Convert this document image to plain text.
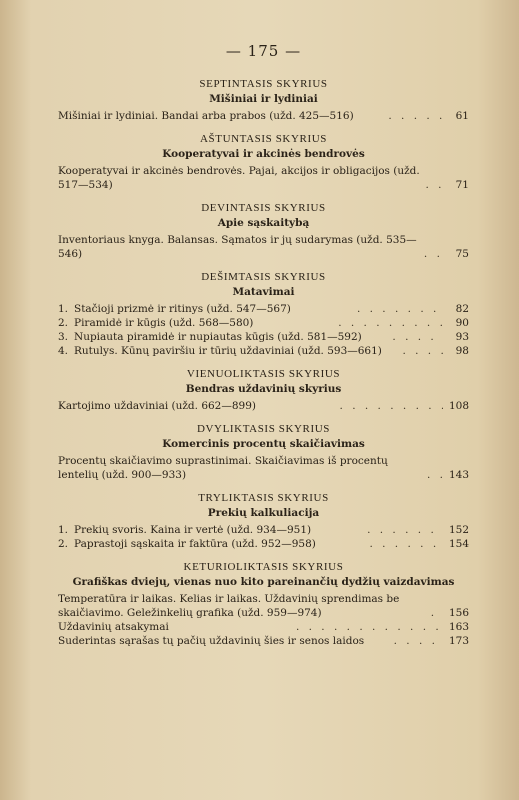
— 175 —
SEPTINTASIS SKYRIUS
Mišiniai ir lydiniai
Mišiniai ir lydiniai. Bandai arba prabos (užd. 425—516) . . .	61
AŠTUNTASIS SKYRIUS
Kooperatyvai ir akcinės bendrovės
Kooperatyvai ir akcinės bendrovės. Pajai, akcijos ir obligacijos (užd. 517—534) . . .	71
DEVINTASIS SKYRIUS
Apie sąskaitybą
Inventoriaus knyga. Balansas. Sąmatos ir jų sudarymas (užd. 535—546) . . .	75
DEŠIMTASIS SKYRIUS
Matavimai
1. Stačioji prizmė ir ritinys (užd. 547—567) . . .	82
2. Piramidė ir kūgis (užd. 568—580) . . .	90
3. Nupiauta piramidė ir nupiautas kūgis (užd. 581—592) . . .	93
4. Rutulys. Kūnų paviršiu ir tūrių uždaviniai (užd. 593—661) . . .	98
VIENUOLIKTASIS SKYRIUS
Bendras uždavinių skyrius
Kartojimo uždaviniai (užd. 662—899) . . .	108
DVYLIKTASIS SKYRIUS
Komercinis procentų skaičiavimas
Procentų skaičiavimo suprastinimai. Skaičiavimas iš procentų lentelių (užd. 900—933) . . .	143
TRYLIKTASIS SKYRIUS
Prekių kalkuliacija
1. Prekių svoris. Kaina ir vertė (užd. 934—951) . . .	152
2. Paprastoji sąskaita ir faktūra (užd. 952—958) . . .	154
KETURIOLIKTASIS SKYRIUS
Grafiškas dviejų, vienas nuo kito pareinančių dydžių vaizdavimas
Temperatūra ir laikas. Kelias ir laikas. Uždavinių sprendimas be skaičiavimo. Geležinkelių grafika (užd. 959—974) . . .	156
Uždavinių atsakymai . . .	163
Suderintas sąrašas tų pačių uždavinių šies ir senos laidos . . .	173
